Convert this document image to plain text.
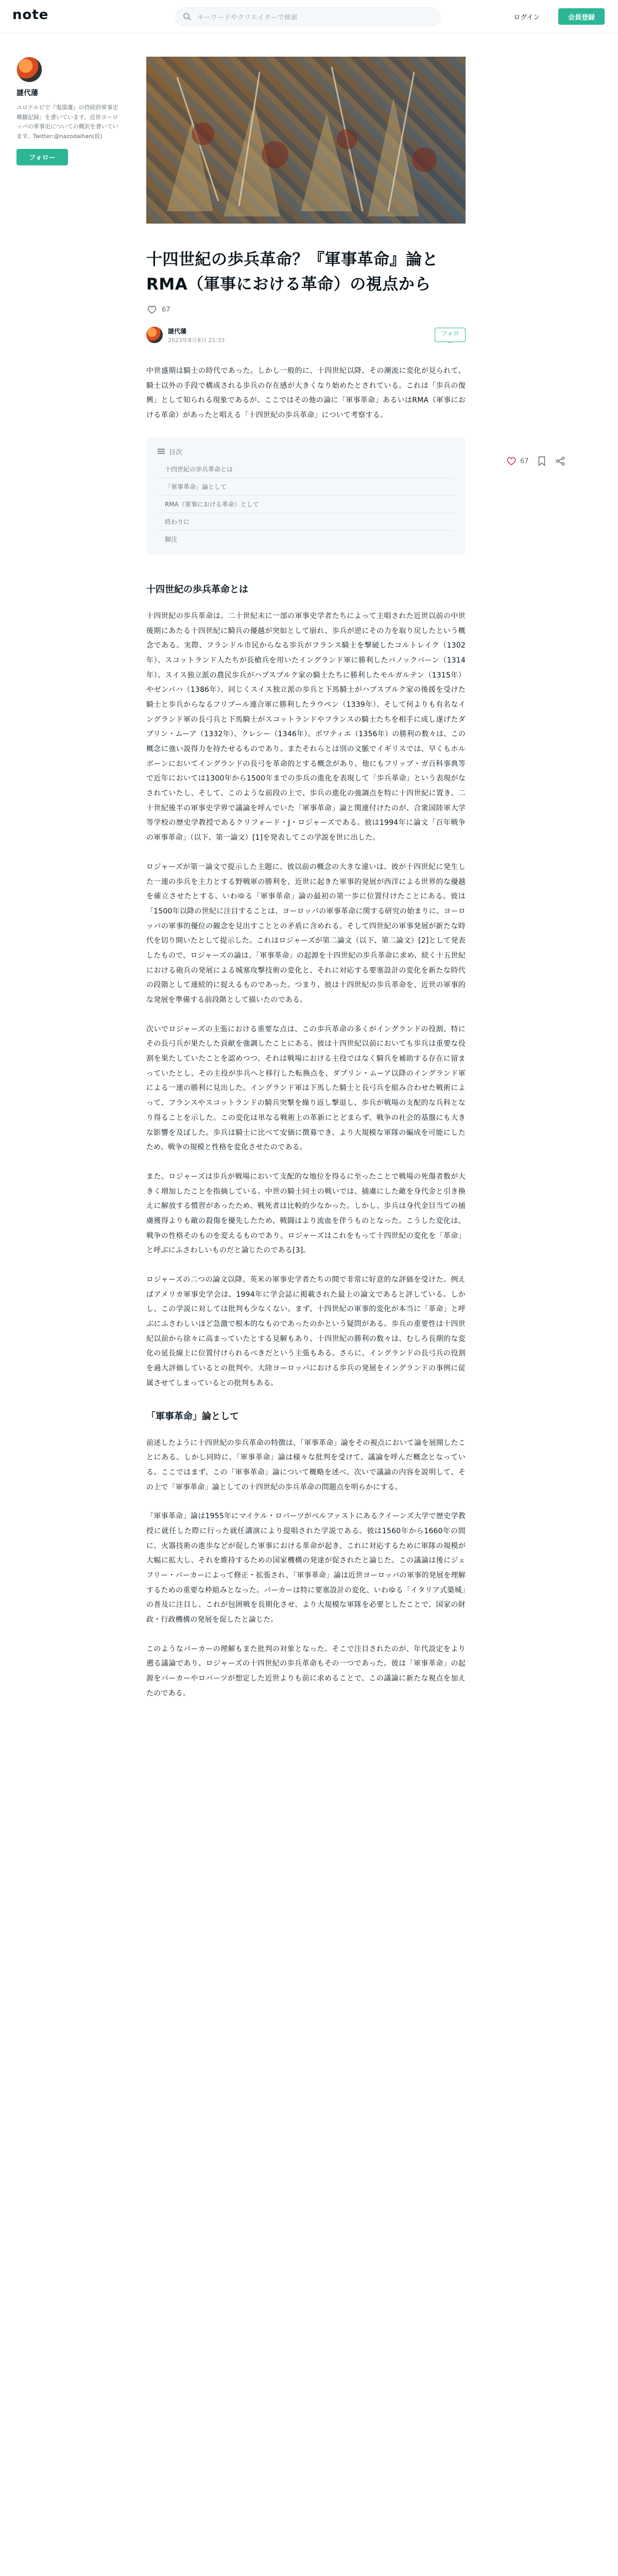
note
キーワードやクリエイターで検索	ログイン	会員登録
謎代藩
ユロナルビで『鬼謀藩』の持続的軍事史概観記録」を書いています。近世ヨーロッパの軍事史についての概訳を書いています。Twitter:@nazodaihan(仮)
フォロー
十四世紀の歩兵革命？『軍事革命』論とRMA（軍事における革命）の視点から
67
謎代藩
2023年8月8日 21:33
フォロー

中世盛期は騎士の時代であった。しかし一般的に、十四世紀以降、その潮流に変化が見られて、騎士以外の手段で構成される歩兵の存在感が大きくなり始めたとされている。これは「歩兵の復興」として知られる現象であるが、ここではその他の論に「軍事革命」あるいはRMA（軍事における革命）があったと唱える「十四世紀の歩兵革命」について考察する。

目次
十四世紀の歩兵革命とは
「軍事革命」論として
RMA（軍事における革命）として
終わりに
脚注
十四世紀の歩兵革命とは

十四世紀の歩兵革命は、二十世紀末に一部の軍事史学者たちによって主唱された近世以前の中世後期にあたる十四世紀に騎兵の優越が突如として崩れ、歩兵が逆にその力を取り戻したという概念である。実際、フランドル市民からなる歩兵がフランス騎士を撃破したコルトレイク（1302年）、スコットランド人たちが長槍兵を用いたイングランド軍に勝利したバノックバーン（1314年）、スイス独立派の農民歩兵がハプスブルク家の騎士たちに勝利したモルガルテン（1315年）やゼンパハ（1386年）、同じくスイス独立派の歩兵と下馬騎士がハプスブルク家の後援を受けた騎士と歩兵からなるフリブール連合軍に勝利したラウペン（1339年）、そして何よりも有名なイングランド軍の長弓兵と下馬騎士がスコットランドやフランスの騎士たちを相手に成し遂げたダプリン・ムーア（1332年）、クレシー（1346年）、ポワティエ（1356年）の勝利の数々は、この概念に強い説得力を持たせるものであり、またそれらとは別の文脈でイギリスでは、早くもホルボーンにおいてイングランドの長弓を革命的とする概念があり、他にもフリップ・ガ百科事典等で近年においては1300年から1500年までの歩兵の進化を表現して「歩兵革命」という表現がなされていたし、そして、このような前段の上で、歩兵の進化の強調点を特に十四世紀に置き、二十世紀後半の軍事史学界で議論を呼んでいた「軍事革命」論と関連付けたのが、合衆国陸軍大学等学校の歴史学教授であるクリフォード・J・ロジャーズである。彼は1994年に論文「百年戦争の軍事革命」（以下、第一論文）[1]を発表してこの学説を世に出した。

ロジャーズが第一論文で提示した主題に、彼以前の概念の大きな違いは、彼が十四世紀に発生した一連の歩兵を主力とする野戦軍の勝利を、近世に起きた軍事的発展が西洋による世界的な優越を確立させたとする、いわゆる「軍事革命」論の最初の第一歩に位置付けたことにある。彼は「1500年以降の世紀に注目することは、ヨーロッパの軍事革命に関する研究の始まりに、ヨーロッパの軍事的優位の観念を見出すこととの矛盾に含めれる。そして四世紀の軍事発展が新たな時代を切り開いたとして提示した。これはロジャーズが第二論文（以下、第二論文）[2]として発表したもので、ロジャーズの論は、「軍事革命」の起源を十四世紀の歩兵革命に求め、続く十五世紀における砲兵の発展による城塞攻撃技術の変化と、それに対応する要塞設計の変化を新たな時代の段階として連続的に捉えるものであった。つまり、彼は十四世紀の歩兵革命を、近世の軍事的な発展を準備する前段階として描いたのである。

次いでロジャーズの主張における重要な点は、この歩兵革命の多くがイングランドの役割、特にその長弓兵が果たした貢献を強調したことにある。彼は十四世紀以前においても歩兵は重要な役割を果たしていたことを認めつつ、それは戦場における主役ではなく騎兵を補助する存在に留まっていたとし、その主役が歩兵へと移行した転換点を、ダプリン・ムーア以降のイングランド軍による一連の勝利に見出した。イングランド軍は下馬した騎士と長弓兵を組み合わせた戦術によって、フランスやスコットランドの騎兵突撃を繰り返し撃退し、歩兵が戦場の支配的な兵科となり得ることを示した。この変化は単なる戦術上の革新にとどまらず、戦争の社会的基盤にも大きな影響を及ぼした。歩兵は騎士に比べて安価に徴募でき、より大規模な軍隊の編成を可能にしたため、戦争の規模と性格を変化させたのである。

また、ロジャーズは歩兵が戦場において支配的な地位を得るに至ったことで戦場の死傷者数が大きく増加したことを指摘している。中世の騎士同士の戦いでは、捕虜にした敵を身代金と引き換えに解放する慣習があったため、戦死者は比較的少なかった。しかし、歩兵は身代金目当ての捕虜獲得よりも敵の殺傷を優先したため、戦闘はより流血を伴うものとなった。こうした変化は、戦争の性格そのものを変えるものであり、ロジャーズはこれをもって十四世紀の変化を「革命」と呼ぶにふさわしいものだと論じたのである[3]。

ロジャーズの二つの論文以降、英米の軍事史学者たちの間で非常に好意的な評価を受けた。例えばアメリカ軍事史学会は、1994年に学会誌に掲載された最上の論文であると評している。しかし、この学説に対しては批判も少なくない。まず、十四世紀の軍事的変化が本当に「革命」と呼ぶにふさわしいほど急激で根本的なものであったのかという疑問がある。歩兵の重要性は十四世紀以前から徐々に高まっていたとする見解もあり、十四世紀の勝利の数々は、むしろ長期的な変化の延長線上に位置付けられるべきだという主張もある。さらに、イングランドの長弓兵の役割を過大評価しているとの批判や、大陸ヨーロッパにおける歩兵の発展をイングランドの事例に従属させてしまっているとの批判もある。

「軍事革命」論として

前述したように十四世紀の歩兵革命の特徴は、「軍事革命」論をその視点において論を展開したことにある。しかし同時に、「軍事革命」論は様々な批判を受けて、議論を呼んだ概念となっている。ここではまず、この「軍事革命」論について概略を述べ、次いで議論の内容を説明して、その上で「軍事革命」論としての十四世紀の歩兵革命の問題点を明らかにする。

「軍事革命」論は1955年にマイケル・ロバーツがベルファストにあるクイーンズ大学で歴史学教授に就任した際に行った就任講演により提唱された学説である。彼は1560年から1660年の間に、火器技術の進歩などが促した軍事における革命が起き、これに対応するために軍隊の規模が大幅に拡大し、それを維持するための国家機構の発達が促されたと論じた。この議論は後にジェフリー・パーカーによって修正・拡張され、「軍事革命」論は近世ヨーロッパの軍事的発展を理解するための重要な枠組みとなった。パーカーは特に要塞設計の変化、いわゆる「イタリア式築城」の普及に注目し、これが包囲戦を長期化させ、より大規模な軍隊を必要としたことで、国家の財政・行政機構の発展を促したと論じた。

このようなパーカーの理解もまた批判の対象となった。そこで注目されたのが、年代設定をより遡る議論であり、ロジャーズの十四世紀の歩兵革命もその一つであった。彼は「軍事革命」の起源をパーカーやロバーツが想定した近世よりも前に求めることで、この議論に新たな視点を加えたのである。

67
